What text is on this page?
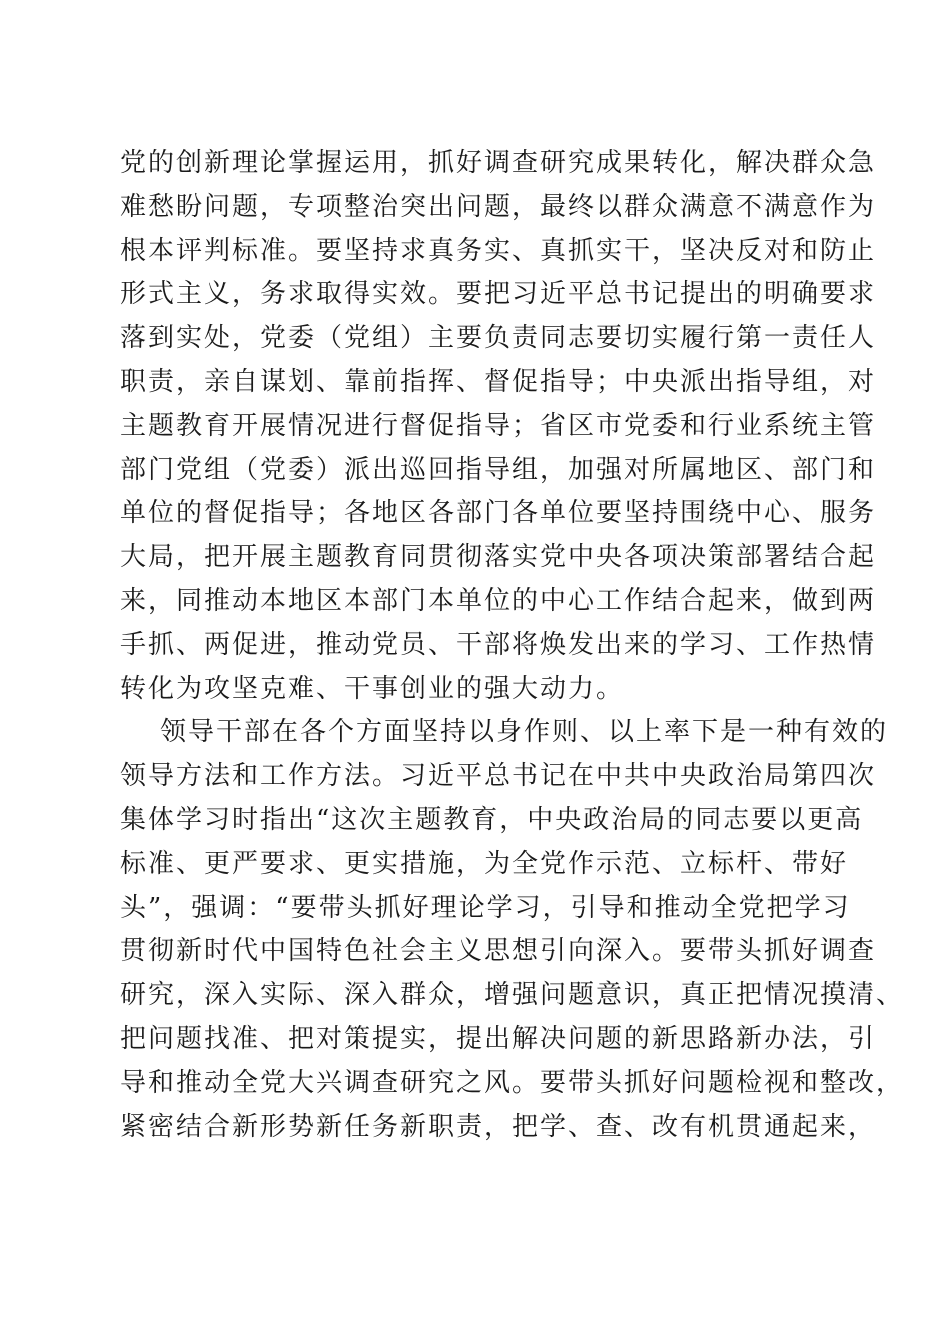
党的创新理论掌握运用，抓好调查研究成果转化，解决群众急
难愁盼问题，专项整治突出问题，最终以群众满意不满意作为
根本评判标准。要坚持求真务实、真抓实干，坚决反对和防止
形式主义，务求取得实效。要把习近平总书记提出的明确要求
落到实处，党委（党组）主要负责同志要切实履行第一责任人
职责，亲自谋划、靠前指挥、督促指导；中央派出指导组，对
主题教育开展情况进行督促指导；省区市党委和行业系统主管
部门党组（党委）派出巡回指导组，加强对所属地区、部门和
单位的督促指导；各地区各部门各单位要坚持围绕中心、服务
大局，把开展主题教育同贯彻落实党中央各项决策部署结合起
来，同推动本地区本部门本单位的中心工作结合起来，做到两
手抓、两促进，推动党员、干部将焕发出来的学习、工作热情
转化为攻坚克难、干事创业的强大动力。
领导干部在各个方面坚持以身作则、以上率下是一种有效的
领导方法和工作方法。习近平总书记在中共中央政治局第四次
集体学习时指出“这次主题教育，中央政治局的同志要以更高
标准、更严要求、更实措施，为全党作示范、立标杆、带好
头”，强调：“要带头抓好理论学习，引导和推动全党把学习
贯彻新时代中国特色社会主义思想引向深入。要带头抓好调查
研究，深入实际、深入群众，增强问题意识，真正把情况摸清、
把问题找准、把对策提实，提出解决问题的新思路新办法，引
导和推动全党大兴调查研究之风。要带头抓好问题检视和整改，
紧密结合新形势新任务新职责，把学、查、改有机贯通起来，
